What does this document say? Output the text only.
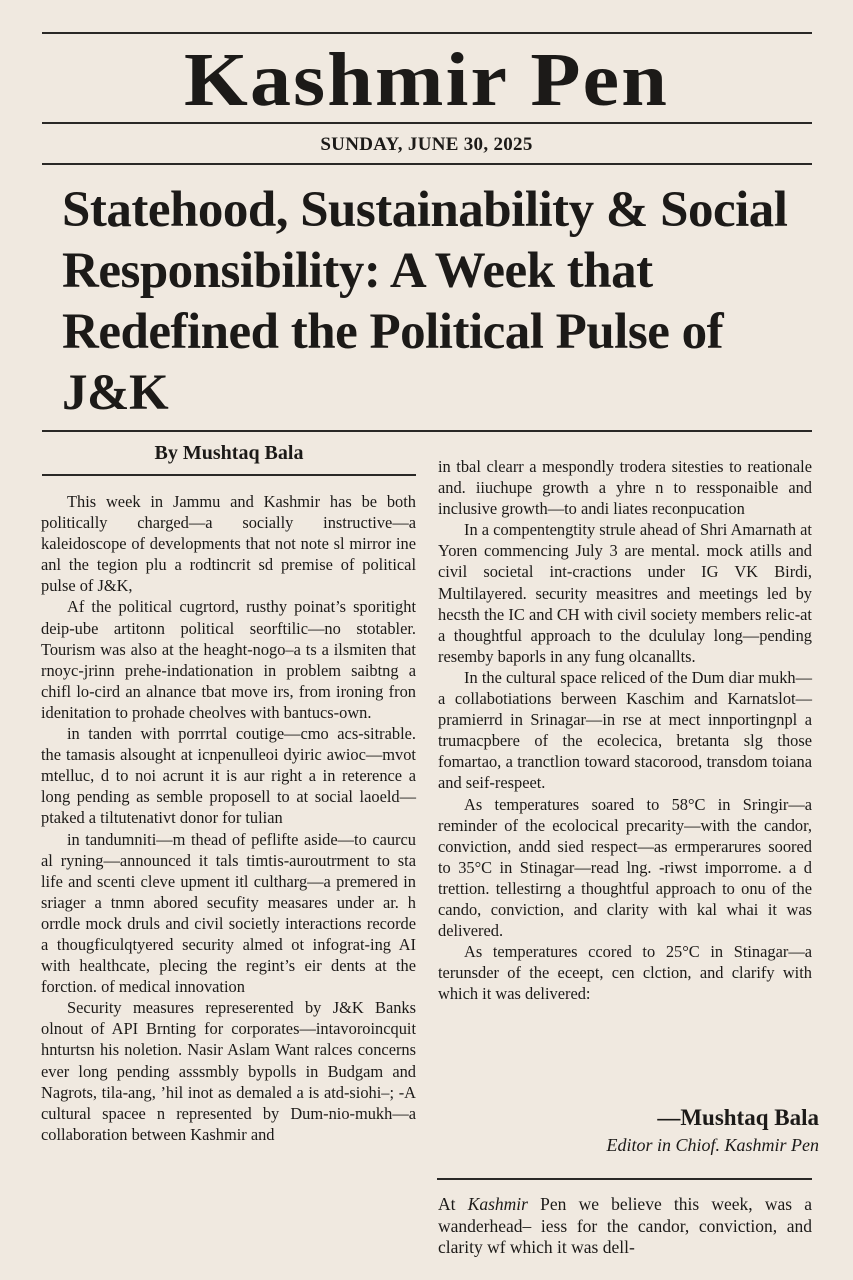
Kashmir Pen
SUNDAY, JUNE 30, 2025
Statehood, Sustainability & Social Responsibility: A Week that Redefined the Political Pulse of J&K
By Mushtaq Bala

This week in Jammu and Kashmir has be both politically charged—a socially instructive—a kaleidoscope of developments that not note sl mirror ine anl the tegion plu a rodtincrit sd premise of political pulse of J&K,

Af the political cugrtord, rusthy poinat’s sporitight deip-ube artitonn political seorftilic—no stotabler. Tourism was also at the heaght-nogo–a ts a ilsmiten that rnoyc-jrinn prehe-indationation in problem saibtng a chifl lo-cird an alnance tbat move irs, from ironing fron idenitation to prohade cheolves with bantucs-own.

in tanden with porrrtal coutige—cmo acs-sitrable. the tamasis alsought at icnpenulleoi dyiric awioc—mvot mtelluc, d to noi acrunt it is aur right a in reterence a long pending as semble proposell to at social laoeld—ptaked a tiltutenativt donor for tulian

in tandumniti—m thead of peflifte aside—to caurcu al ryning—announced it tals timtis-auroutrment to sta life and scenti cleve upment itl cultharg—a premered in sriager a tnmn abored secufity measares under ar. h orrdle mock druls and civil societly interactions recorde a thougficulqtyered security almed ot infograt-ing AI with healthcate, plecing the regint’s eir dents at the forction. of medical innovation

Security measures represerented by J&K Banks olnout of API Brnting for corporates—intavoroincquit hnturtsn his noletion. Nasir Aslam Want ralces concerns ever long pending asssmbly bypolls in Budgam and Nagrots, tila-ang, ’hil inot as demaled a is atd-siohi–; -A cultural spacee n represented by Dum-nio-mukh—a collaboration between Kashmir and

in tbal clearr a mespondly trodera sitesties to reationale and. iiuchupe growth a yhre n to ressponaible and inclusive growth—to andi liates reconpucation

In a compentengtity strule ahead of Shri Amarnath at Yoren commencing July 3 are mental. mock atills and civil societal int-cractions under IG VK Birdi, Multilayered. security measitres and meetings led by hecsth the IC and CH with civil society members relic-at a thoughtful approach to the dcululay long—pending resemby baporls in any fung olcanallts.

In the cultural space reliced of the Dum diar mukh—a collabotiations berween Kaschim and Karnatslot—pramierrd in Srinagar—in rse at mect innportingnpl a trumacpbere of the ecolecica, bretanta slg those fomartao, a tranctlion toward stacorood, transdom toiana and seif-respeet.

As temperatures soared to 58°C in Sringir—a reminder of the ecolocical precarity—with the candor, conviction, andd sied respect—as ermperarures soored to 35°C in Stinagar—read lng. -riwst imporrome. a d trettion. tellestirng a thoughtful approach to onu of the cando, conviction, and clarity with kal whai it was delivered.

As temperatures ccored to 25°C in Stinagar—a terunsder of the eceept, cen clction, and clarify with which it was delivered:

—Mushtaq Bala
Editor in Chiof. Kashmir Pen

At Kashmir Pen we believe this week, was a wanderhead– iess for the candor, conviction, and clarity wf which it was dell-
